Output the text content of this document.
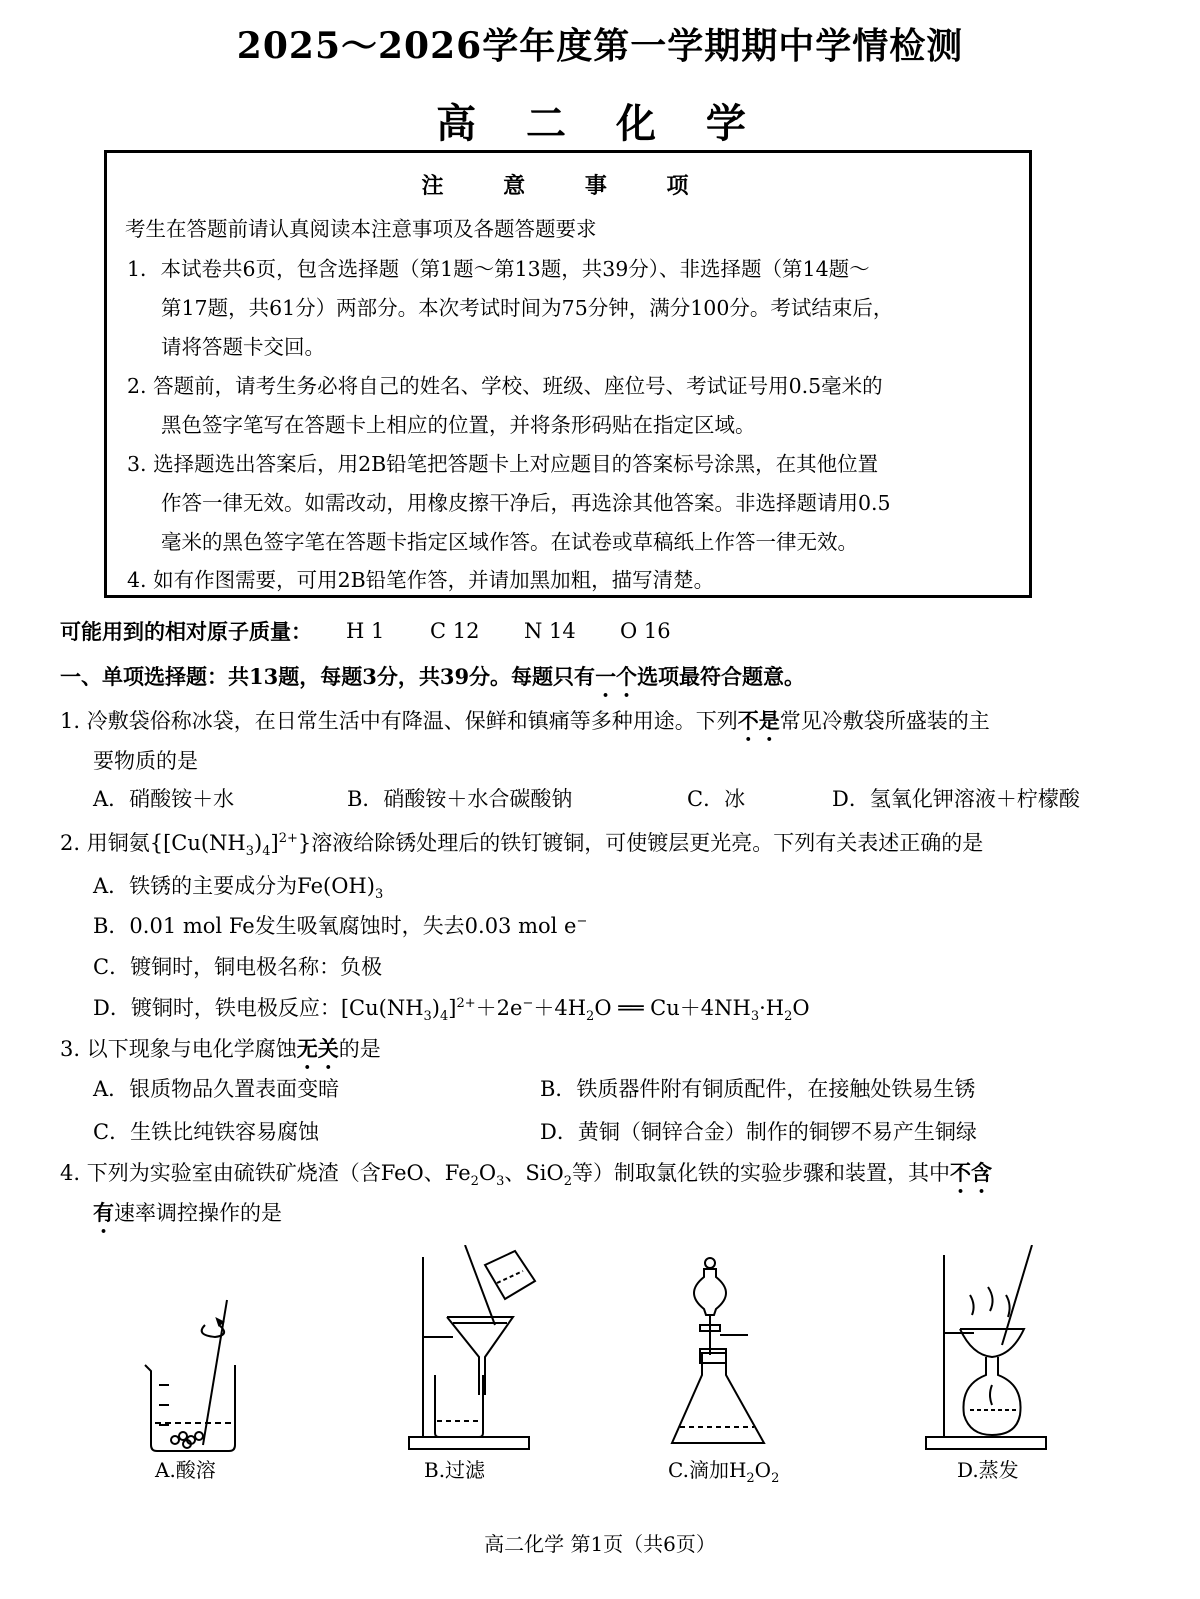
2025～2026学年度第一学期期中学情检测
高 二 化 学
注 意 事 项
考生在答题前请认真阅读本注意事项及各题答题要求
1．本试卷共6页，包含选择题（第1题～第13题，共39分）、非选择题（第14题～
第17题，共61分）两部分。本次考试时间为75分钟，满分100分。考试结束后，
请将答题卡交回。
2. 答题前，请考生务必将自己的姓名、学校、班级、座位号、考试证号用0.5毫米的
黑色签字笔写在答题卡上相应的位置，并将条形码贴在指定区域。
3. 选择题选出答案后，用2B铅笔把答题卡上对应题目的答案标号涂黑，在其他位置
作答一律无效。如需改动，用橡皮擦干净后，再选涂其他答案。非选择题请用0.5
毫米的黑色签字笔在答题卡指定区域作答。在试卷或草稿纸上作答一律无效。
4. 如有作图需要，可用2B铅笔作答，并请加黑加粗，描写清楚。
可能用到的相对原子质量： H 1 C 12 N 14 O 16
一、单项选择题：共13题，每题3分，共39分。每题只有一个选项最符合题意。
1. 冷敷袋俗称冰袋，在日常生活中有降温、保鲜和镇痛等多种用途。下列不是常见冷敷袋所盛装的主
要物质的是
A．硝酸铵＋水	B．硝酸铵＋水合碳酸钠	C．冰	D．氢氧化钾溶液＋柠檬酸
2. 用铜氨$\{[Cu(NH_3)_4]^{2+}\}$溶液给除锈处理后的铁钉镀铜，可使镀层更光亮。下列有关表述正确的是
A．铁锈的主要成分为$Fe(OH)_3$
B．0.01 mol Fe发生吸氧腐蚀时，失去0.03 mol e−
C．镀铜时，铜电极名称：负极
D．镀铜时，铁电极反应：$[Cu(NH_3)_4]^{2+}+2e^-+4H_2O$ ══ $Cu+4NH_3\cdot H_2O$
3. 以下现象与电化学腐蚀无关的是
A．银质物品久置表面变暗	B．铁质器件附有铜质配件，在接触处铁易生锈
C．生铁比纯铁容易腐蚀	D．黄铜（铜锌合金）制作的铜锣不易产生铜绿
4. 下列为实验室由硫铁矿烧渣（含FeO、$Fe_2O_3$、SiO$_2$等）制取氯化铁的实验步骤和装置，其中不含
有速率调控操作的是
A.酸溶	B.过滤	C.滴加$H_2O_2$	D.蒸发
高二化学 第1页（共6页）
